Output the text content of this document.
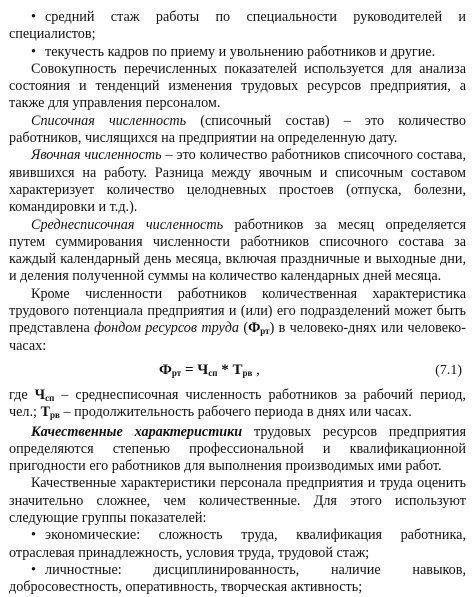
• средний стаж работы по специальности руководителей и специалистов;

• текучесть кадров по приему и увольнению работников и другие.

Совокупность перечисленных показателей используется для анализа состояния и тенденций изменения трудовых ресурсов предприятия, а также для управления персоналом.

Списочная численность (списочный состав) – это количество работников, числящихся на предприятии на определенную дату.

Явочная численность – это количество работников списочного состава, явившихся на работу. Разница между явочным и списочным составом характеризует количество целодневных простоев (отпуска, болезни, командировки и т.д.).

Среднесписочная численность работников за месяц определяется путем суммирования численности работников списочного состава за каждый календарный день месяца, включая праздничные и выходные дни, и деления полученной суммы на количество календарных дней месяца.

Кроме численности работников количественная характеристика трудового потенциала предприятия и (или) его подразделений может быть представлена фондом ресурсов труда $(Ф_{рт})$ в человеко-днях или человеко-часах:

$Ф_{рт} = Ч_{сп} * Т_{рв}$ ,	(7.1)

где $Ч_{сп}$ – среднесписочная численность работников за рабочий период, чел.; $Т_{рв}$ – продолжительность рабочего периода в днях или часах.

Качественные характеристики трудовых ресурсов предприятия определяются степенью профессиональной и квалификационной пригодности его работников для выполнения производимых ими работ.

Качественные характеристики персонала предприятия и труда оценить значительно сложнее, чем количественные. Для этого используют следующие группы показателей:

• экономические: сложность труда, квалификация работника, отраслевая принадлежность, условия труда, трудовой стаж;

• личностные: дисциплинированность, наличие навыков, добросовестность, оперативность, творческая активность;
